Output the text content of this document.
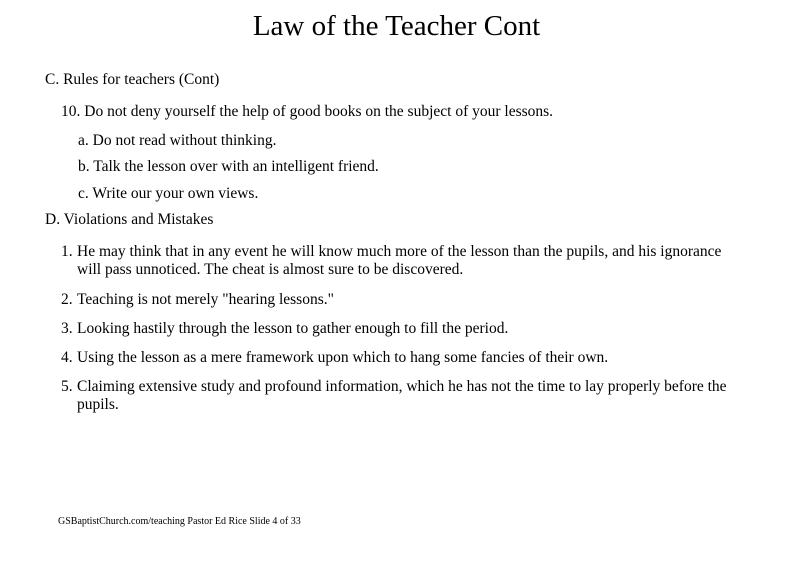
Law of the Teacher Cont
C. Rules for teachers (Cont)
10. Do not deny yourself the help of good books on the subject of your lessons.
a. Do not read without thinking.
b. Talk the lesson over with an intelligent friend.
c. Write our your own views.
D. Violations and Mistakes
1. He may think that in any event he will know much more of the lesson than the pupils, and his ignorance will pass unnoticed. The cheat is almost sure to be discovered.
2. Teaching is not merely "hearing lessons."
3. Looking hastily through the lesson to gather enough to fill the period.
4. Using the lesson as a mere framework upon which to hang some fancies of their own.
5. Claiming extensive study and profound information, which he has not the time to lay properly before the pupils.
GSBaptistChurch.com/teaching Pastor Ed Rice Slide 4 of 33
